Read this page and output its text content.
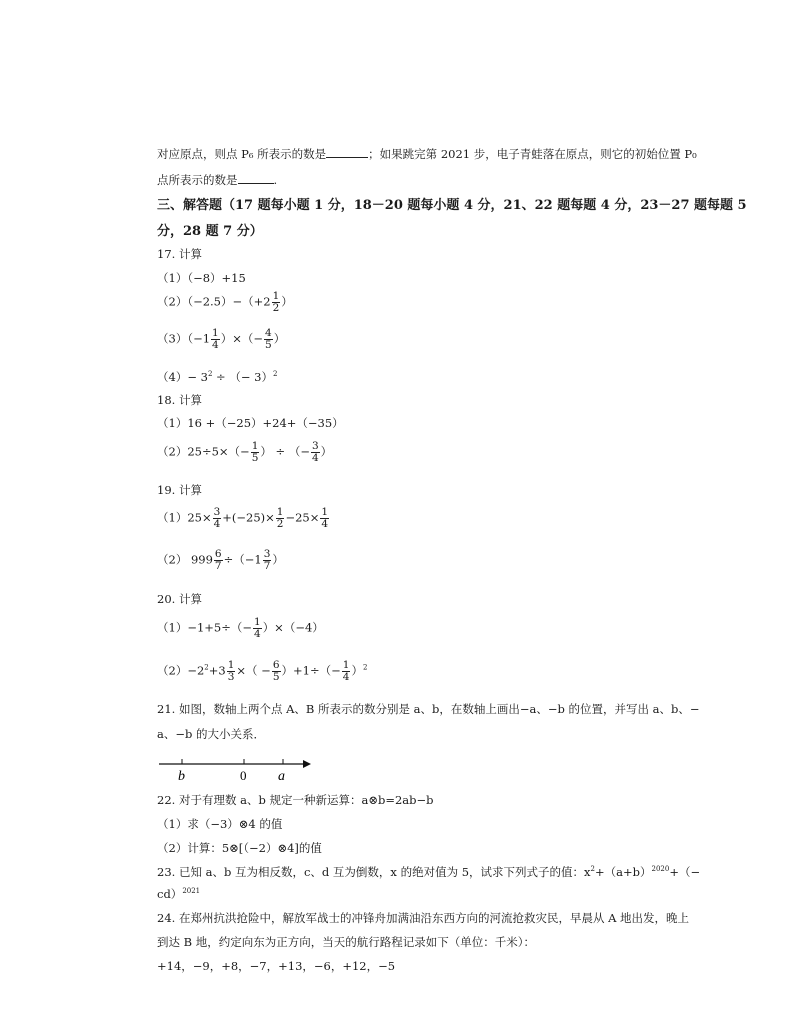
对应原点，则点 P₆ 所表示的数是	；如果跳完第 2021 步，电子青蛙落在原点，则它的初始位置 P₀
点所表示的数是	.
三、解答题（17 题每小题 1 分，18－20 题每小题 4 分，21、22 题每题 4 分，23－27 题每题 5
分，28 题 7 分）
17. 计算
（1）（−8）+15
$(2)(-2.5)-(+2 \frac{1}{2}$ ）
$(3)(-1 \frac{1}{4}$ ）×（− $\frac{4}{5}$ ）
$(4)- 3^2$ ÷ （− 3）$^2$
18. 计算
（1）16 +（−25）+24+（−35）
$(2)25\div 5\times(- \frac{1}{5}$ ） ÷ （− $\frac{3}{4}$ ）
19. 计算
$(1)25\times \frac{3}{4} +(-25)\times \frac{1}{2} -25\times \frac{1}{4}$
（2） $999 \frac{6}{7} \div(-1 \frac{3}{7}$ ）
20. 计算
$(1)-1+5\div(- \frac{1}{4} )\times(-4)$
$(2)-2^2+3 \frac{1}{3}$ ×（ − $\frac{6}{5} )+1\div(- \frac{1}{4} )^2$
21. 如图，数轴上两个点 A、B 所表示的数分别是 a、b，在数轴上画出−a、−b 的位置，并写出 a、b、−
a、−b 的大小关系．
b	0 a
22. 对于有理数 a、b 规定一种新运算：a⊗b=2ab−b
（1）求（−3）⊗4 的值
（2）计算：5⊗[（−2）⊗4]的值
23. 已知 a、b 互为相反数，c、d 互为倒数，x 的绝对值为 5，试求下列式子的值：$x^2+(a+b)^{2020}+(-$
cd）$^{2021}$
24. 在郑州抗洪抢险中，解放军战士的冲锋舟加满油沿东西方向的河流抢救灾民，早晨从 A 地出发，晚上
到达 B 地，约定向东为正方向，当天的航行路程记录如下（单位：千米）：
+14，−9，+8，−7，+13，−6，+12，−5
